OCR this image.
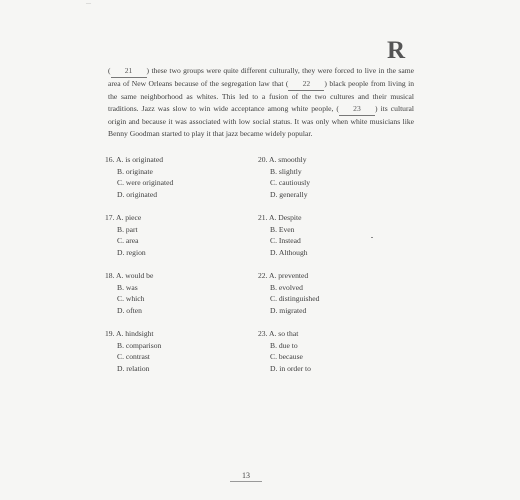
—
R

( 21 ) these two groups were quite different culturally, they were forced to live in the same area of New Orleans because of the segregation law that ( 22 ) black people from living in the same neighborhood as whites. This led to a fusion of the two cultures and their musical traditions. Jazz was slow to win wide acceptance among white people, ( 23 ) its cultural origin and because it was associated with low social status. It was only when white musicians like Benny Goodman started to play it that jazz became widely popular.

16. A. is originated
B. originate
C. were originated
D. originated
17. A. piece
B. part
C. area
D. region
18. A. would be
B. was
C. which
D. often
19. A. hindsight
B. comparison
C. contrast
D. relation
20. A. smoothly
B. slightly
C. cautiously
D. generally
21. A. Despite
B. Even
C. Instead
D. Although
22. A. prevented
B. evolved
C. distinguished
D. migrated
23. A. so that
B. due to
C. because
D. in order to
13
